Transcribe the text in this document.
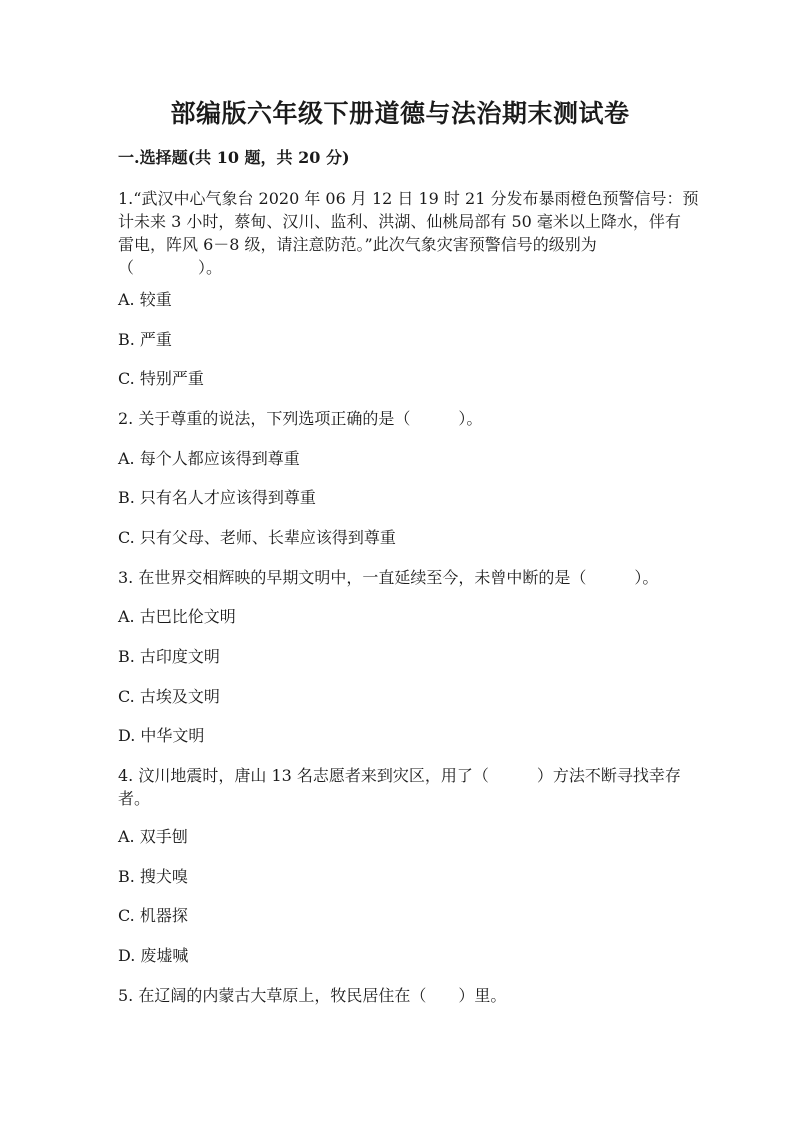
部编版六年级下册道德与法治期末测试卷
一.选择题(共 10 题，共 20 分)
1.“武汉中心气象台 2020 年 06 月 12 日 19 时 21 分发布暴雨橙色预警信号：预
计未来 3 小时，蔡甸、汉川、监利、洪湖、仙桃局部有 50 毫米以上降水，伴有
雷电，阵风 6－8 级，请注意防范。”此次气象灾害预警信号的级别为
（　　　　）。
A. 较重
B. 严重
C. 特别严重
2. 关于尊重的说法，下列选项正确的是（　　　）。
A. 每个人都应该得到尊重
B. 只有名人才应该得到尊重
C. 只有父母、老师、长辈应该得到尊重
3. 在世界交相辉映的早期文明中，一直延续至今，未曾中断的是（　　　）。
A. 古巴比伦文明
B. 古印度文明
C. 古埃及文明
D. 中华文明
4. 汶川地震时，唐山 13 名志愿者来到灾区，用了（　　　）方法不断寻找幸存
者。
A. 双手刨
B. 搜犬嗅
C. 机器探
D. 废墟喊
5. 在辽阔的内蒙古大草原上，牧民居住在（　　）里。
